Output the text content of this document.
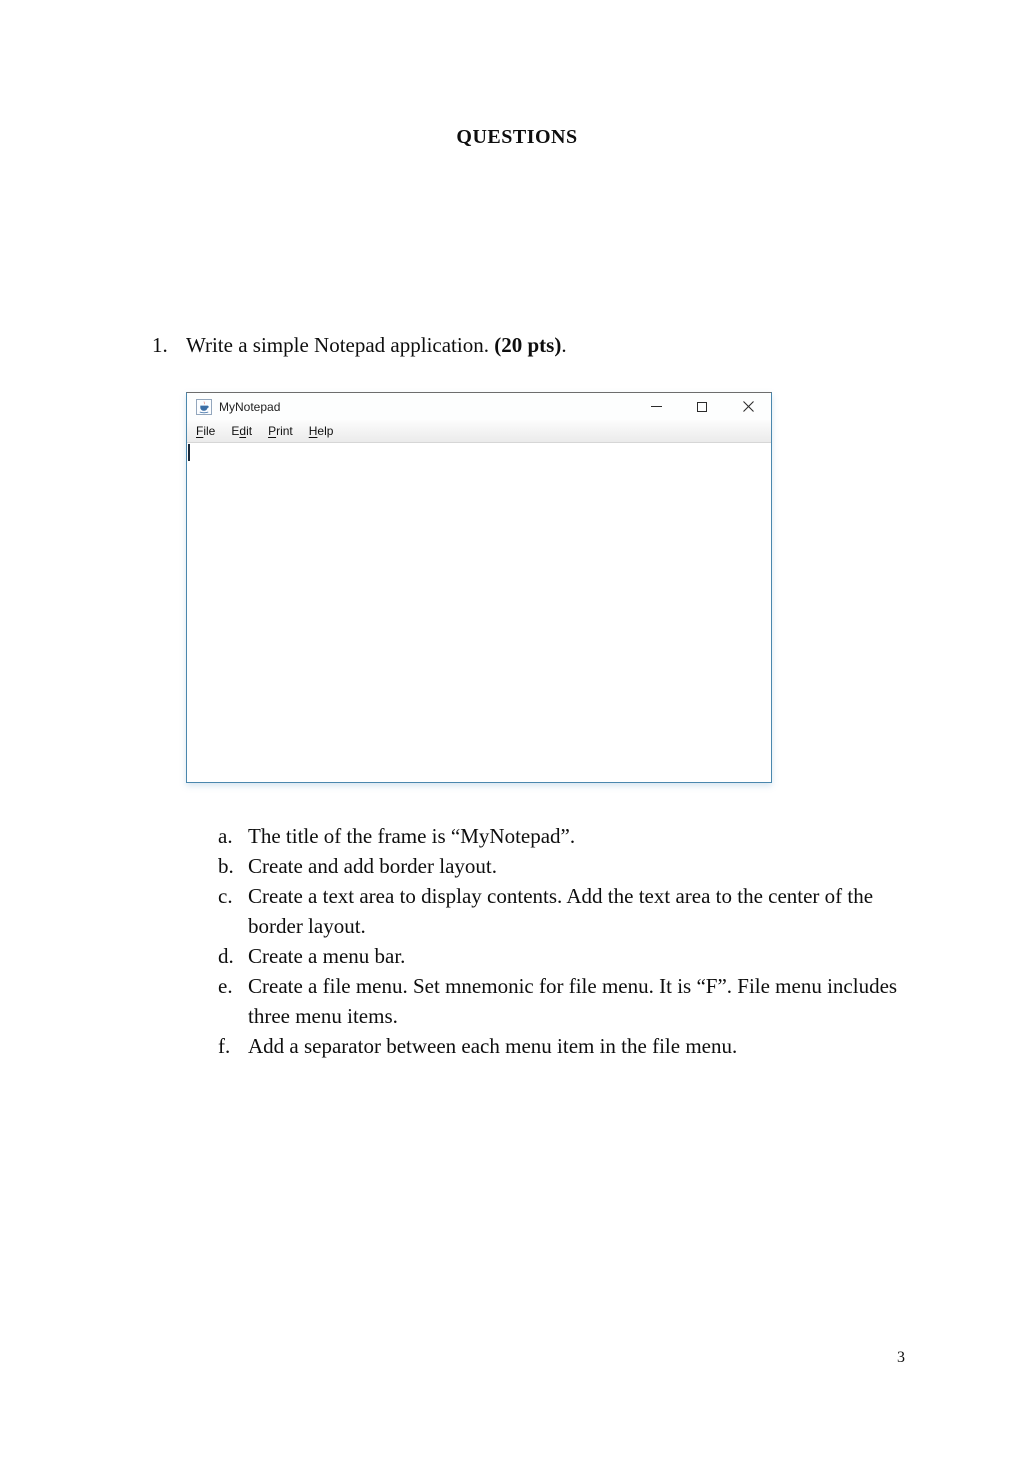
QUESTIONS
1. Write a simple Notepad application. (20 pts).
MyNotepad
F ile E d it P rint H elp
a. The title of the frame is “MyNotepad”.
b. Create and add border layout.
c. Create a text area to display contents. Add the text area to the center of the border layout.
d. Create a menu bar.
e. Create a file menu. Set mnemonic for file menu. It is “F”. File menu includes three menu items.
f. Add a separator between each menu item in the file menu.
3
